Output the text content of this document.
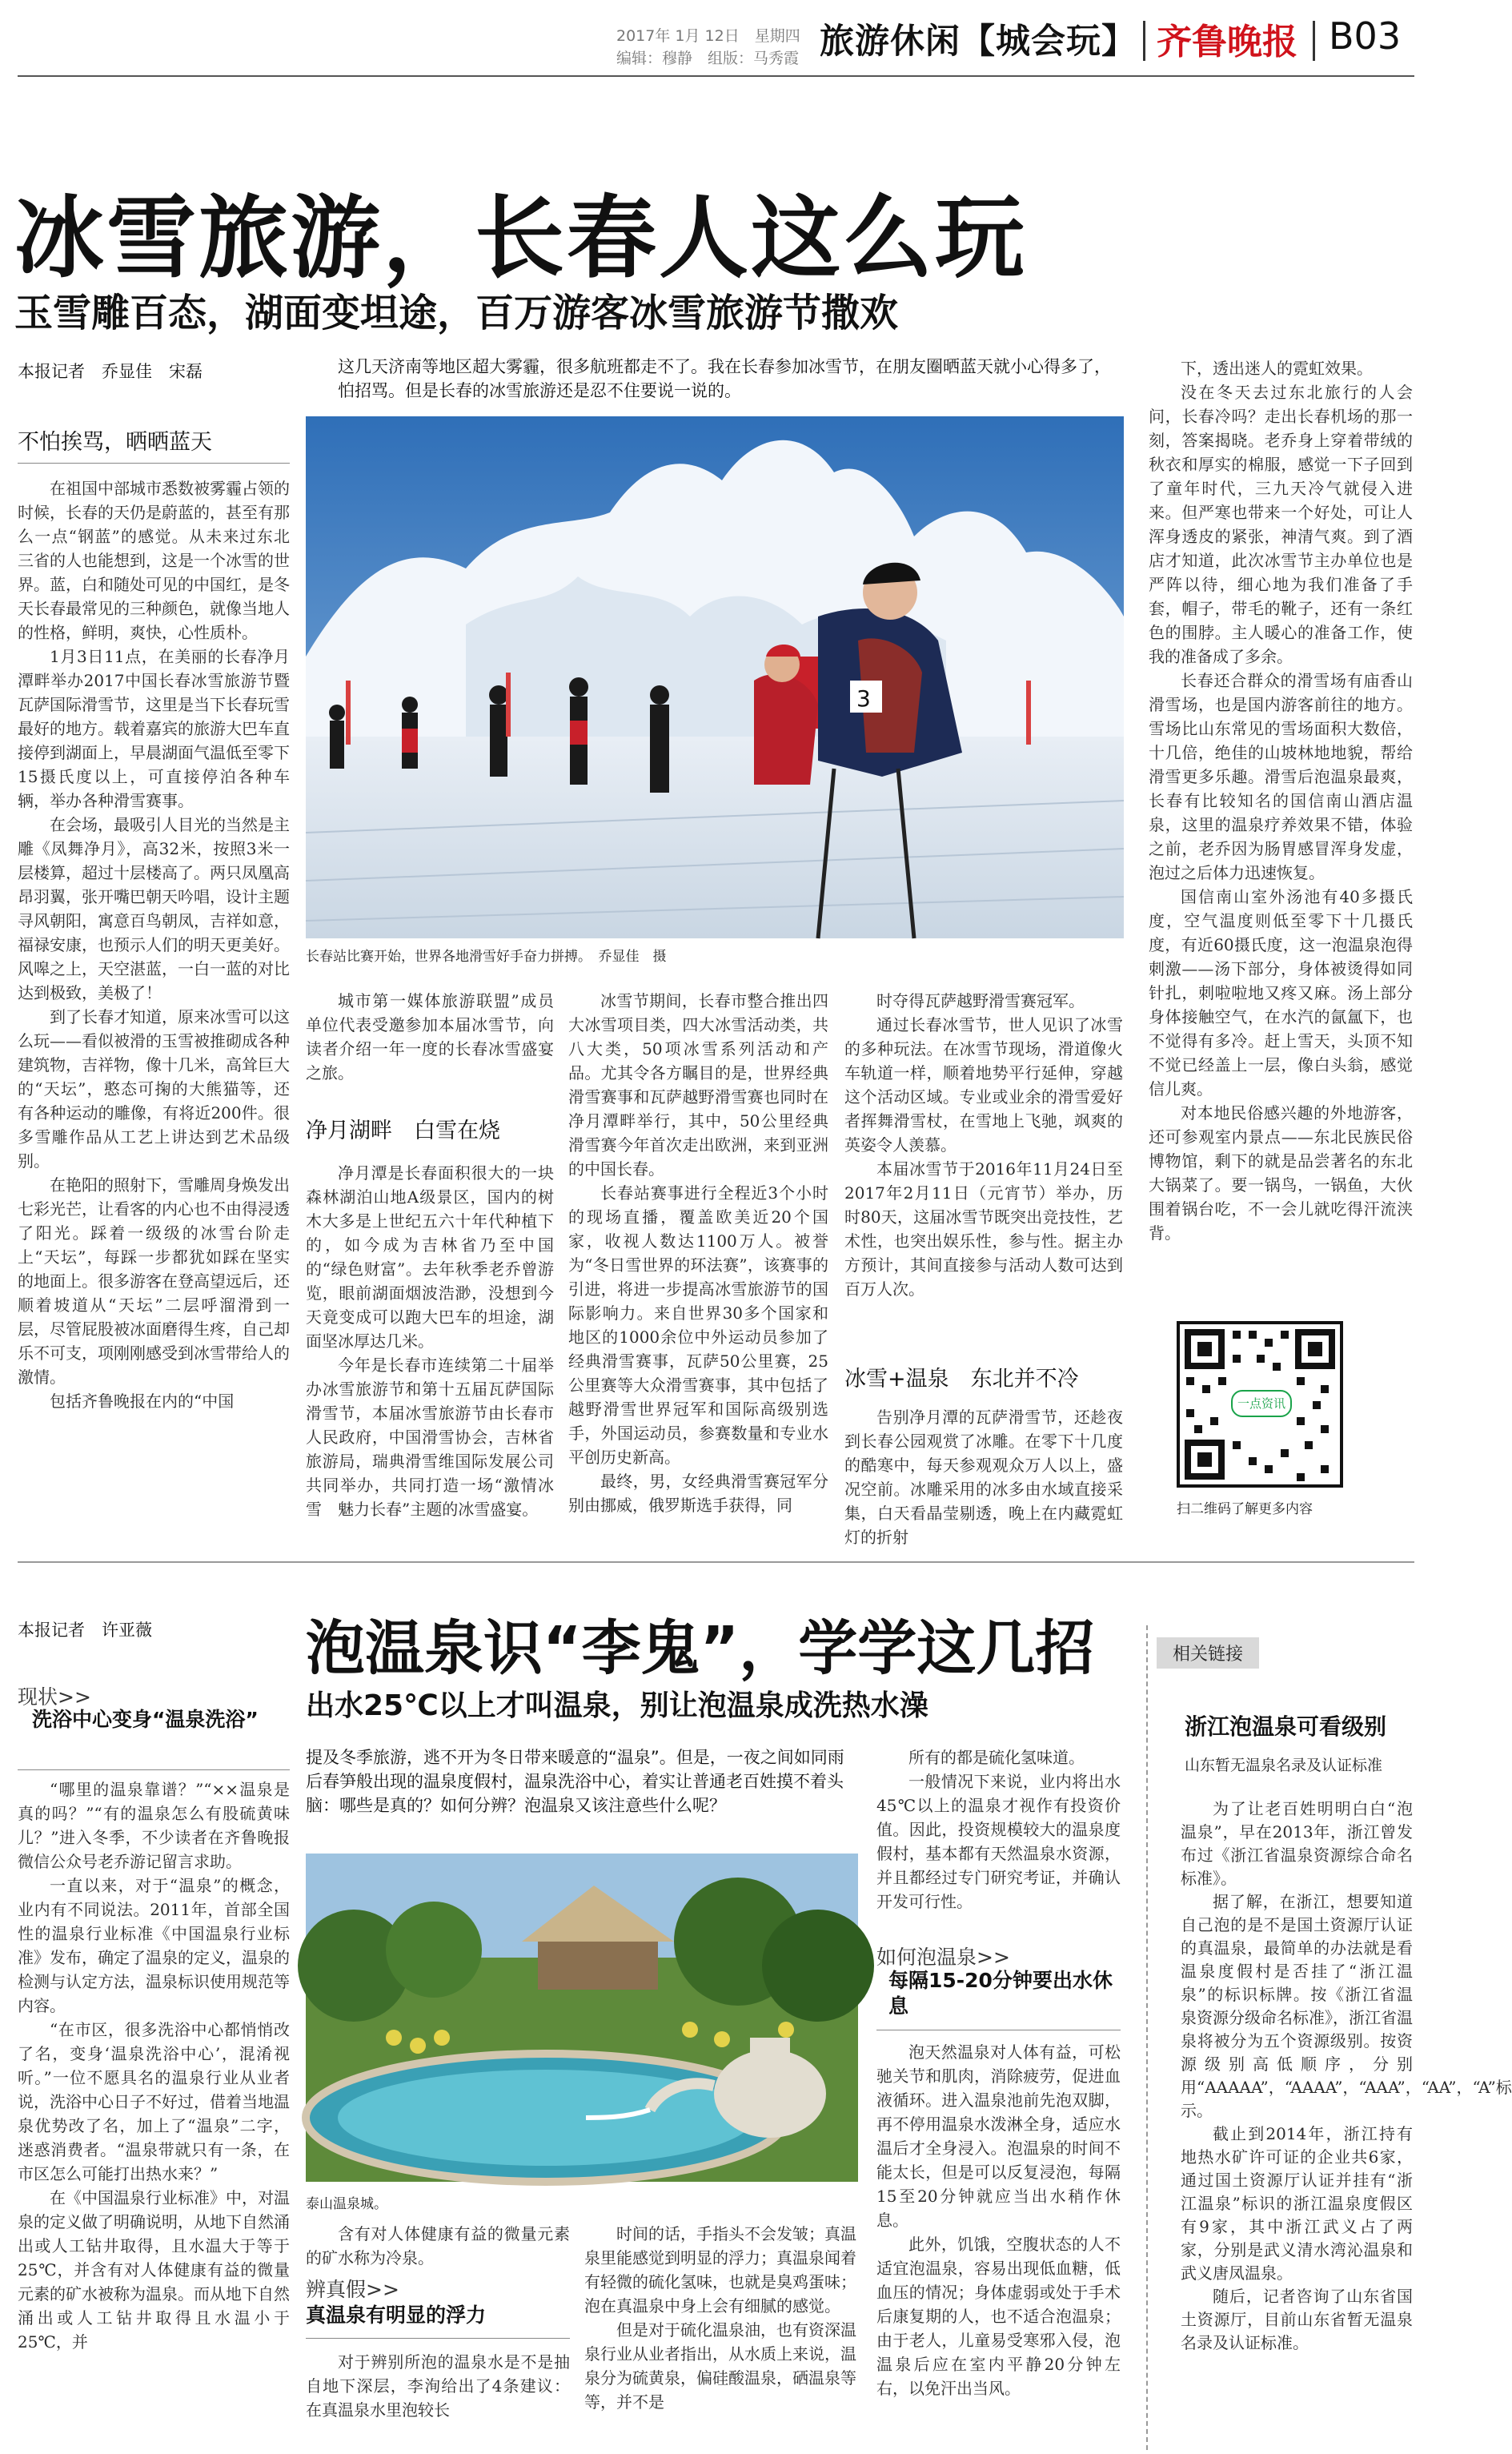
2017年 1月 12日　星期四
编辑：穆静　组版：马秀霞 旅游休闲【城会玩】 齐鲁晚报 B03
冰雪旅游，长春人这么玩
玉雪雕百态，湖面变坦途，百万游客冰雪旅游节撒欢
本报记者　乔显佳　宋磊	这几天济南等地区超大雾霾，很多航班都走不了。我在长春参加冰雪节，在朋友圈晒蓝天就小心得多了，怕招骂。但是长春的冰雪旅游还是忍不住要说一说的。
不怕挨骂，晒晒蓝天
3
长春站比赛开始，世界各地滑雪好手奋力拼搏。　乔显佳　摄

在祖国中部城市悉数被雾霾占领的时候，长春的天仍是蔚蓝的，甚至有那么一点“钢蓝”的感觉。从未来过东北三省的人也能想到，这是一个冰雪的世界。蓝，白和随处可见的中国红，是冬天长春最常见的三种颜色，就像当地人的性格，鲜明，爽快，心性质朴。

1月3日11点，在美丽的长春净月潭畔举办2017中国长春冰雪旅游节暨瓦萨国际滑雪节，这里是当下长春玩雪最好的地方。载着嘉宾的旅游大巴车直接停到湖面上，早晨湖面气温低至零下15摄氏度以上，可直接停泊各种车辆，举办各种滑雪赛事。

在会场，最吸引人目光的当然是主雕《凤舞净月》，高32米，按照3米一层楼算，超过十层楼高了。两只凤凰高昂羽翼，张开嘴巴朝天吟唱，设计主题寻风朝阳，寓意百鸟朝凤，吉祥如意，福禄安康，也预示人们的明天更美好。风嗥之上，天空湛蓝，一白一蓝的对比达到极致，美极了！

到了长春才知道，原来冰雪可以这么玩——看似被滑的玉雪被推砌成各种建筑物，吉祥物，像十几米，高耸巨大的“天坛”，憨态可掬的大熊猫等，还有各种运动的雕像，有将近200件。很多雪雕作品从工艺上讲达到艺术品级别。

在艳阳的照射下，雪雕周身焕发出七彩光芒，让看客的内心也不由得浸透了阳光。踩着一级级的冰雪台阶走上“天坛”，每踩一步都犹如踩在坚实的地面上。很多游客在登高望远后，还顺着坡道从“天坛”二层呼溜滑到一层，尽管屁股被冰面磨得生疼，自己却乐不可支，项刚刚感受到冰雪带给人的激情。

包括齐鲁晚报在内的“中国

城市第一媒体旅游联盟”成员单位代表受邀参加本届冰雪节，向读者介绍一年一度的长春冰雪盛宴之旅。

净月湖畔　白雪在烧

净月潭是长春面积很大的一块森林湖泊山地A级景区，国内的树木大多是上世纪五六十年代种植下的，如今成为吉林省乃至中国的“绿色财富”。去年秋季老乔曾游览，眼前湖面烟波浩渺，没想到今天竟变成可以跑大巴车的坦途，湖面坚冰厚达几米。

今年是长春市连续第二十届举办冰雪旅游节和第十五届瓦萨国际滑雪节，本届冰雪旅游节由长春市人民政府，中国滑雪协会，吉林省旅游局，瑞典滑雪维国际发展公司共同举办，共同打造一场“激情冰雪　魅力长春”主题的冰雪盛宴。

冰雪节期间，长春市整合推出四大冰雪项目类，四大冰雪活动类，共八大类，50项冰雪系列活动和产品。尤其令各方瞩目的是，世界经典滑雪赛事和瓦萨越野滑雪赛也同时在净月潭畔举行，其中，50公里经典滑雪赛今年首次走出欧洲，来到亚洲的中国长春。

长春站赛事进行全程近3个小时的现场直播，覆盖欧美近20个国家，收视人数达1100万人。被誉为“冬日雪世界的环法赛”，该赛事的引进，将进一步提高冰雪旅游节的国际影响力。来自世界30多个国家和地区的1000余位中外运动员参加了经典滑雪赛事，瓦萨50公里赛，25公里赛等大众滑雪赛事，其中包括了越野滑雪世界冠军和国际高级别选手，外国运动员，参赛数量和专业水平创历史新高。

最终，男，女经典滑雪赛冠军分别由挪威，俄罗斯选手获得，同

时夺得瓦萨越野滑雪赛冠军。

通过长春冰雪节，世人见识了冰雪的多种玩法。在冰雪节现场，滑道像火车轨道一样，顺着地势平行延伸，穿越这个活动区域。专业或业余的滑雪爱好者挥舞滑雪杖，在雪地上飞驰，飒爽的英姿令人羡慕。

本届冰雪节于2016年11月24日至2017年2月11日（元宵节）举办，历时80天，这届冰雪节既突出竞技性，艺术性，也突出娱乐性，参与性。据主办方预计，其间直接参与活动人数可达到百万人次。

冰雪+温泉　东北并不冷

告别净月潭的瓦萨滑雪节，还趁夜到长春公园观赏了冰雕。在零下十几度的酷寒中，每天参观观众万人以上，盛况空前。冰雕采用的冰多由水域直接采集，白天看晶莹剔透，晚上在内藏霓虹灯的折射

下，透出迷人的霓虹效果。

没在冬天去过东北旅行的人会问，长春冷吗？走出长春机场的那一刻，答案揭晓。老乔身上穿着带绒的秋衣和厚实的棉服，感觉一下子回到了童年时代，三九天冷气就侵入进来。但严寒也带来一个好处，可让人浑身透皮的紧张，神清气爽。到了酒店才知道，此次冰雪节主办单位也是严阵以待，细心地为我们准备了手套，帽子，带毛的靴子，还有一条红色的围脖。主人暖心的准备工作，使我的准备成了多余。

长春还合群众的滑雪场有庙香山滑雪场，也是国内游客前往的地方。雪场比山东常见的雪场面积大数倍，十几倍，绝佳的山坡林地地貌，帮给滑雪更多乐趣。滑雪后泡温泉最爽，长春有比较知名的国信南山酒店温泉，这里的温泉疗养效果不错，体验之前，老乔因为肠胃感冒浑身发虚，泡过之后体力迅速恢复。

国信南山室外汤池有40多摄氏度，空气温度则低至零下十几摄氏度，有近60摄氏度，这一泡温泉泡得刺激——汤下部分，身体被烫得如同针扎，刺啦啦地又疼又麻。汤上部分身体接触空气，在水汽的氤氲下，也不觉得有多冷。赶上雪天，头顶不知不觉已经盖上一层，像白头翁，感觉信儿爽。

对本地民俗感兴趣的外地游客，还可参观室内景点——东北民族民俗博物馆，剩下的就是品尝著名的东北大锅菜了。要一锅鸟，一锅鱼，大伙围着锅台吃，不一会儿就吃得汗流浃背。

一点资讯
扫二维码了解更多内容
本报记者　许亚薇	泡温泉识“李鬼”，学学这几招
出水25℃以上才叫温泉，别让泡温泉成洗热水澡
提及冬季旅游，逃不开为冬日带来暖意的“温泉”。但是，一夜之间如同雨后春笋般出现的温泉度假村，温泉洗浴中心，着实让普通老百姓摸不着头脑：哪些是真的？如何分辨？泡温泉又该注意些什么呢？
现状>>
洗浴中心变身“温泉洗浴”
泰山温泉城。

“哪里的温泉靠谱？”“××温泉是真的吗？”“有的温泉怎么有股硫黄味儿？”进入冬季，不少读者在齐鲁晚报微信公众号老乔游记留言求助。

一直以来，对于“温泉”的概念，业内有不同说法。2011年，首部全国性的温泉行业标准《中国温泉行业标准》发布，确定了温泉的定义，温泉的检测与认定方法，温泉标识使用规范等内容。

“在市区，很多洗浴中心都悄悄改了名，变身‘温泉洗浴中心’，混淆视听。”一位不愿具名的温泉行业从业者说，洗浴中心日子不好过，借着当地温泉优势改了名，加上了“温泉”二字，迷惑消费者。“温泉带就只有一条，在市区怎么可能打出热水来？”

在《中国温泉行业标准》中，对温泉的定义做了明确说明，从地下自然涌出或人工钻井取得，且水温大于等于25℃，并含有对人体健康有益的微量元素的矿水被称为温泉。而从地下自然涌出或人工钻井取得且水温小于25℃，并

含有对人体健康有益的微量元素的矿水称为冷泉。

辨真假>>
真温泉有明显的浮力

对于辨别所泡的温泉水是不是抽自地下深层，李洵给出了4条建议：在真温泉水里泡较长

时间的话，手指头不会发皱；真温泉里能感觉到明显的浮力；真温泉闻着有轻微的硫化氢味，也就是臭鸡蛋味；泡在真温泉中身上会有细腻的感觉。

但是对于硫化温泉油，也有资深温泉行业从业者指出，从水质上来说，温泉分为硫黄泉，偏硅酸温泉，硒温泉等等，并不是

所有的都是硫化氢味道。

一般情况下来说，业内将出水45℃以上的温泉才视作有投资价值。因此，投资规模较大的温泉度假村，基本都有天然温泉水资源，并且都经过专门研究考证，并确认开发可行性。

如何泡温泉>>
每隔15-20分钟要出水休息

泡天然温泉对人体有益，可松驰关节和肌肉，消除疲劳，促进血液循环。进入温泉池前先泡双脚，再不停用温泉水泼淋全身，适应水温后才全身浸入。泡温泉的时间不能太长，但是可以反复浸泡，每隔15至20分钟就应当出水稍作休息。

此外，饥饿，空腹状态的人不适宜泡温泉，容易出现低血糖，低血压的情况；身体虚弱或处于手术后康复期的人，也不适合泡温泉；由于老人，儿童易受寒邪入侵，泡温泉后应在室内平静20分钟左右，以免汗出当风。

相关链接
浙江泡温泉可看级别
山东暂无温泉名录及认证标准

为了让老百姓明明白白“泡温泉”，早在2013年，浙江曾发布过《浙江省温泉资源综合命名标准》。

据了解，在浙江，想要知道自己泡的是不是国土资源厅认证的真温泉，最简单的办法就是看温泉度假村是否挂了“浙江温泉”的标识标牌。按《浙江省温泉资源分级命名标准》，浙江省温泉将被分为五个资源级别。按资源级别高低顺序，分别用“AAAAA”，“AAAA”，“AAA”，“AA”，“A”标示。

截止到2014年，浙江持有地热水矿许可证的企业共6家，通过国土资源厅认证并挂有“浙江温泉”标识的浙江温泉度假区有9家，其中浙江武义占了两家，分别是武义清水湾沁温泉和武义唐凤温泉。

随后，记者咨询了山东省国土资源厅，目前山东省暂无温泉名录及认证标准。
